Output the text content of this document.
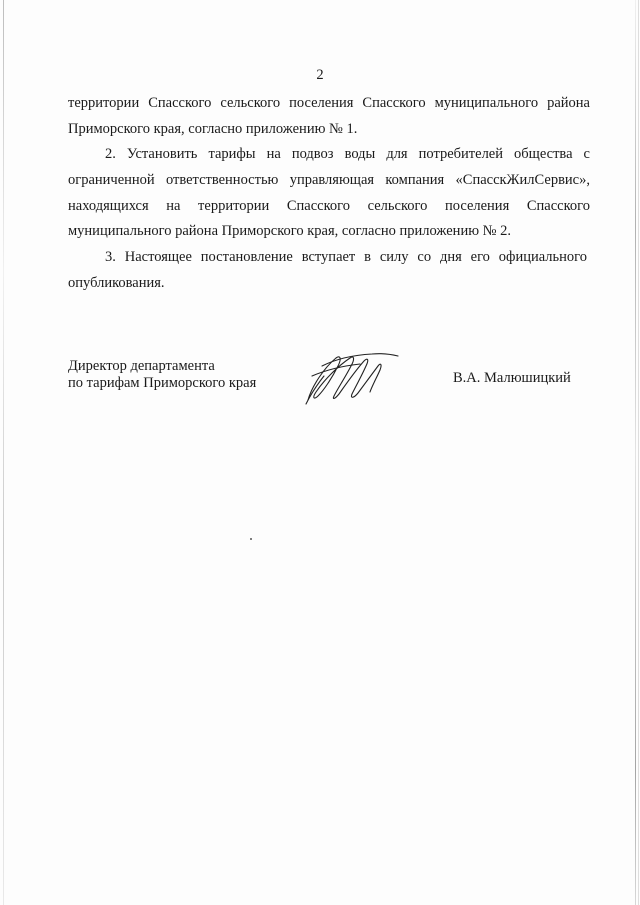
2
территории Спасского сельского поселения Спасского муниципального района
Приморского края, согласно приложению № 1.
2. Установить тарифы на подвоз воды для потребителей общества с
ограниченной ответственностью управляющая компания «СпасскЖилСервис»,
находящихся на территории Спасского сельского поселения Спасского
муниципального района Приморского края, согласно приложению № 2.
3. Настоящее постановление вступает в силу со дня его официального
опубликования.
Директор департамента
по тарифам Приморского края	В.А. Малюшицкий
